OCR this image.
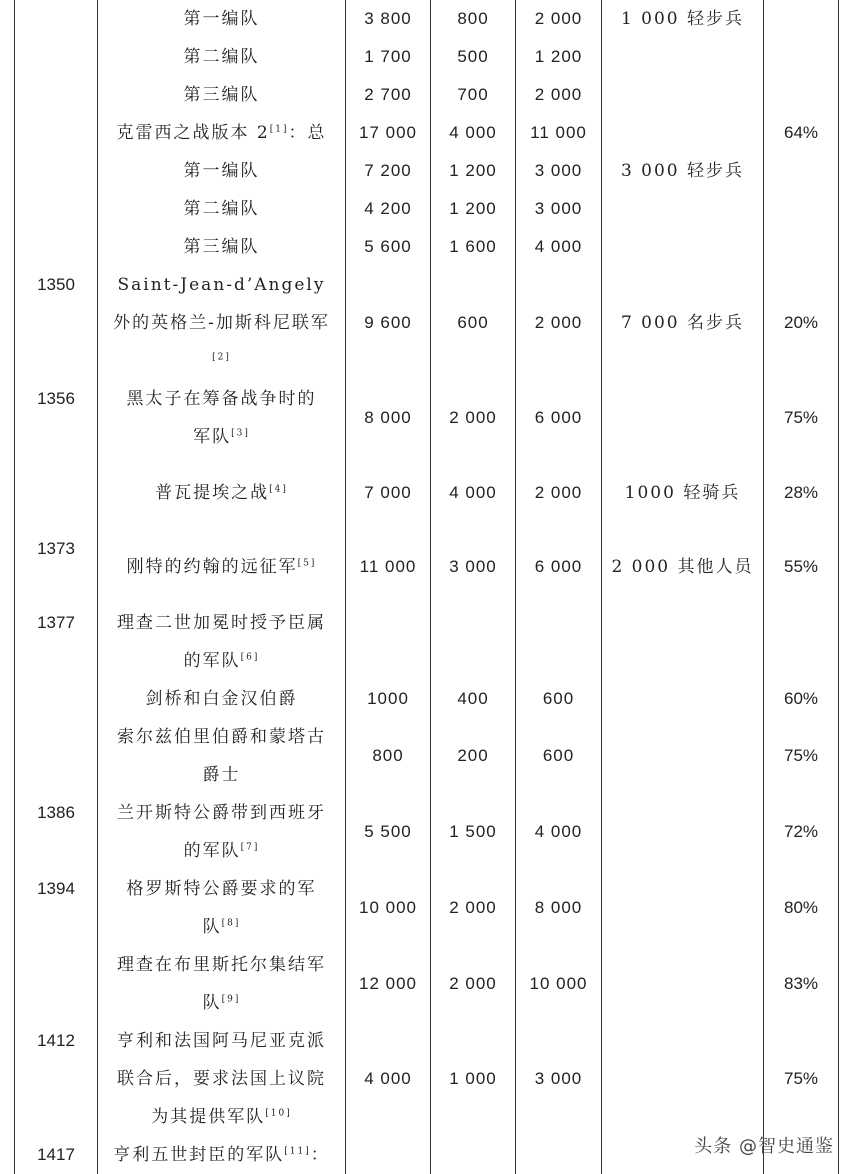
	第一编队	3 800	800	2 000	1 000 轻步兵	

	第二编队	1 700	500	1 200		

	第三编队	2 700	700	2 000		

	克雷西之战版本 2[1]：总	17 000	4 000	11 000		64%

	第一编队	7 200	1 200	3 000	3 000 轻步兵	

	第二编队	4 200	1 200	3 000		

	第三编队	5 600	1 600	4 000		
1350	Saint-Jean-d’Angely 外的英格兰-加斯科尼联军[2]	9 600	600	2 000	7 000 名步兵	20%
1356	黑太子在筹备战争时的军队[3]	8 000	2 000	6 000		75%

	普瓦提埃之战[4]	7 000	4 000	2 000	1000 轻骑兵	28%
1373	刚特的约翰的远征军[5]	11 000	3 000	6 000	2 000 其他人员	55%
1377	理查二世加冕时授予臣属的军队[6]

	剑桥和白金汉伯爵	1000	400	600		60%

	索尔兹伯里伯爵和蒙塔古爵士	800	200	600		75%
1386	兰开斯特公爵带到西班牙的军队[7]	5 500	1 500	4 000		72%
1394	格罗斯特公爵要求的军队[8]	10 000	2 000	8 000		80%

	理查在布里斯托尔集结军队[9]	12 000	2 000	10 000		83%
1412	亨利和法国阿马尼亚克派联合后，要求法国上议院为其提供军队[10]	4 000	1 000	3 000		75%
1417	亨利五世封臣的军队[11]：					
						头条 @智史通鉴
